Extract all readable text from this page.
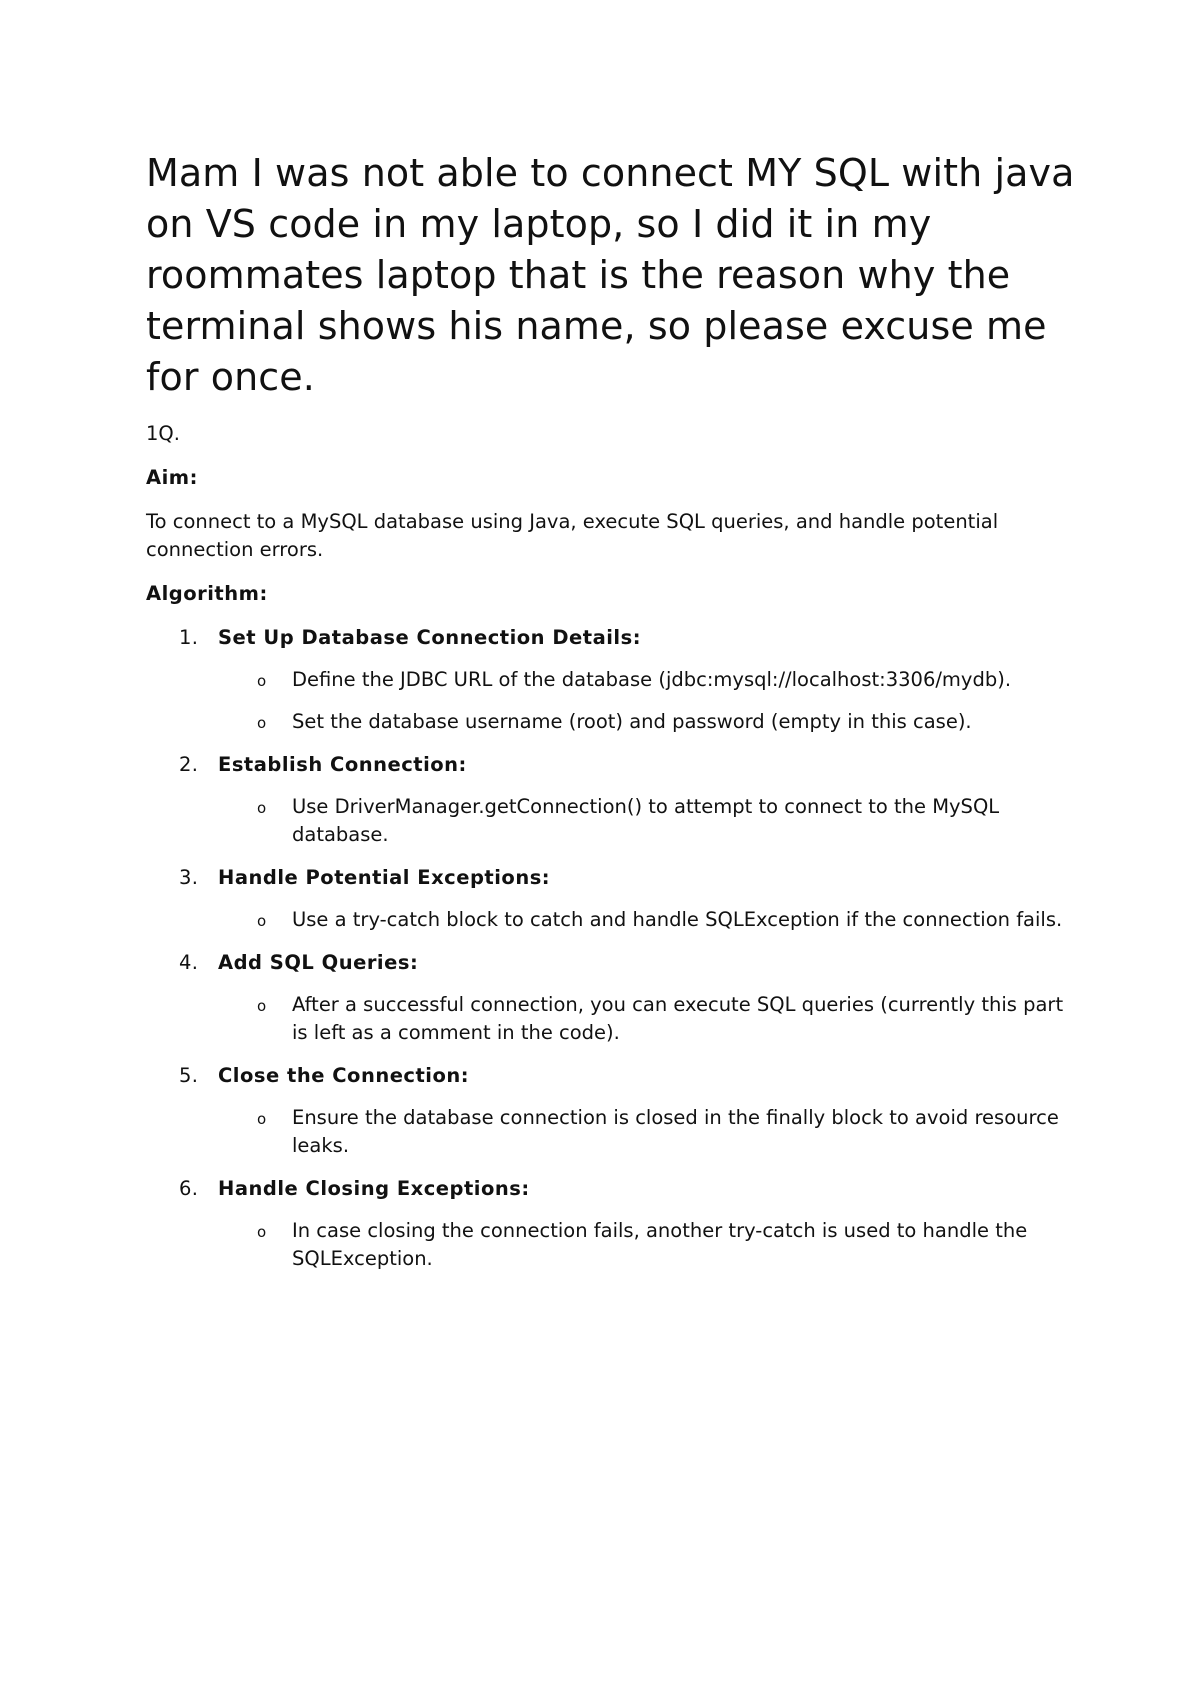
Mam I was not able to connect MY SQL with java on VS code in my laptop, so I did it in my roommates laptop that is the reason why the terminal shows his name, so please excuse me for once.

1Q.

Aim:

To connect to a MySQL database using Java, execute SQL queries, and handle potential connection errors.

Algorithm:

1. Set Up Database Connection Details:
o Define the JDBC URL of the database (jdbc:mysql://localhost:3306/mydb).
o Set the database username (root) and password (empty in this case).
2. Establish Connection:
o Use DriverManager.getConnection() to attempt to connect to the MySQL database.
3. Handle Potential Exceptions:
o Use a try-catch block to catch and handle SQLException if the connection fails.
4. Add SQL Queries:
o After a successful connection, you can execute SQL queries (currently this part is left as a comment in the code).
5. Close the Connection:
o Ensure the database connection is closed in the finally block to avoid resource leaks.
6. Handle Closing Exceptions:
o In case closing the connection fails, another try-catch is used to handle the SQLException.
